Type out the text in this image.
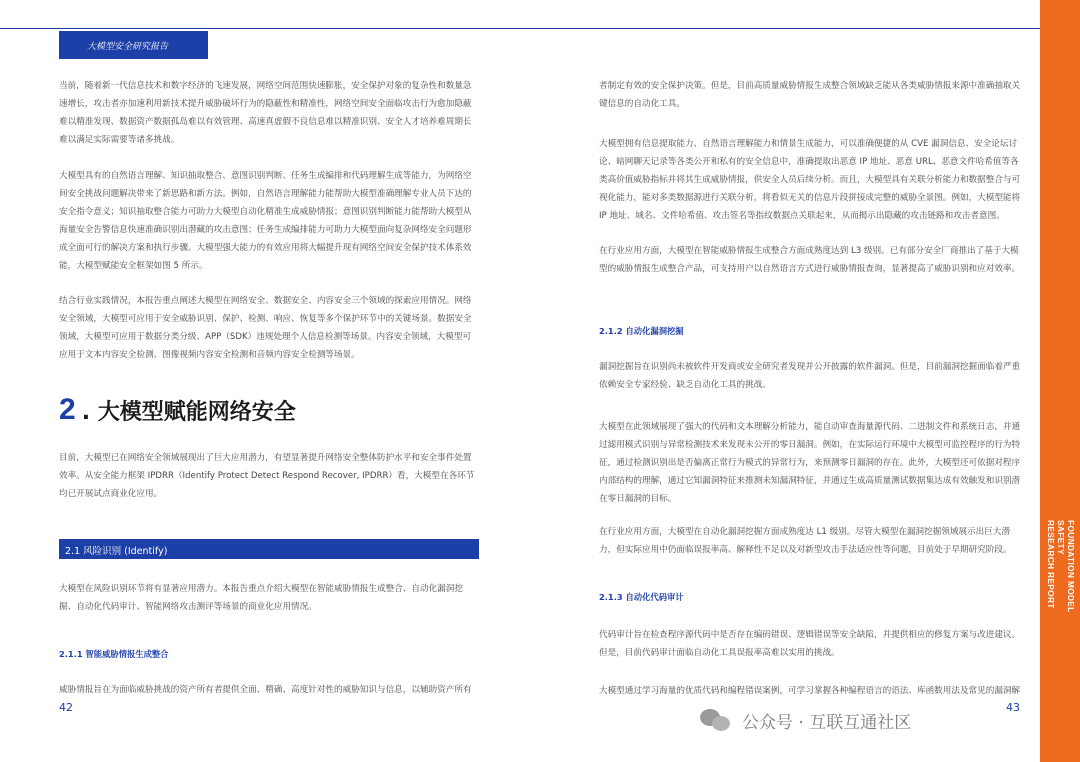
大模型安全研究报告

当前，随着新一代信息技术和数字经济的飞速发展，网络空间范围快速膨胀，安全保护对象的复杂性和数量急速增长，攻击者亦加速利用新技术提升威胁破坏行为的隐蔽性和精准性，网络空间安全面临攻击行为愈加隐蔽难以精准发现、数据资产数据孤岛难以有效管理、高速真虚假不良信息难以精准识别、安全人才培养难周期长难以满足实际需要等诸多挑战。

大模型具有的自然语言理解、知识抽取整合、意图识别判断、任务生成编排和代码理解生成等能力，为网络空间安全挑战问题解决带来了新思路和新方法。例如，自然语言理解能力能帮助大模型准确理解专业人员下达的安全指令意义；知识抽取整合能力可助力大模型自动化精准生成威胁情报；意图识别判断能力能帮助大模型从海量安全告警信息快速准确识别出潜藏的攻击意图；任务生成编排能力可助力大模型面向复杂网络安全问题形成全面可行的解决方案和执行步骤。大模型强大能力的有效应用将大幅提升现有网络空间安全保护技术体系效能，大模型赋能安全框架如图 5 所示。

结合行业实践情况，本报告重点阐述大模型在网络安全、数据安全、内容安全三个领域的探索应用情况。网络安全领域，大模型可应用于安全威胁识别、保护、检测、响应、恢复等多个保护环节中的关键场景。数据安全领域，大模型可应用于数据分类分级、APP（SDK）违规处理个人信息检测等场景。内容安全领域，大模型可应用于文本内容安全检测、图像视频内容安全检测和音频内容安全检测等场景。

2 . 大模型赋能网络安全

目前，大模型已在网络安全领域展现出了巨大应用潜力，有望显著提升网络安全整体防护水平和安全事件处置效率。从安全能力框架 IPDRR（Identify Protect Detect Respond Recover, IPDRR）看，大模型在各环节均已开展试点商业化应用。

2.1 风险识别 (Identify)

大模型在风险识别环节将有显著应用潜力。本报告重点介绍大模型在智能威胁情报生成整合、自动化漏洞挖掘、自动化代码审计、智能网络攻击测评等场景的商业化应用情况。

2.1.1 智能威胁情报生成整合

威胁情报旨在为面临威胁挑战的资产所有者提供全面、精确、高度针对性的威胁知识与信息，以辅助资产所有

42

者制定有效的安全保护决策。但是，目前高质量威胁情报生成整合领域缺乏能从各类威胁情报来源中准确抽取关键信息的自动化工具。

大模型拥有信息提取能力、自然语言理解能力和情景生成能力，可以准确便捷的从 CVE 漏洞信息、安全论坛讨论、暗网聊天记录等各类公开和私有的安全信息中，准确提取出恶意 IP 地址、恶意 URL、恶意文件哈希值等各类高价值威胁指标并将其生成威胁情报，供安全人员后续分析。而且，大模型具有关联分析能力和数据整合与可视化能力，能对多类数据源进行关联分析，将看似无关的信息片段拼接成完整的威胁全景图。例如，大模型能将 IP 地址、域名、文件哈希值、攻击签名等指纹数据点关联起来，从而揭示出隐藏的攻击链路和攻击者意图。

在行业应用方面，大模型在智能威胁情报生成整合方面成熟度达到 L3 级别。已有部分安全厂商推出了基于大模型的威胁情报生成整合产品，可支持用户以自然语言方式进行威胁情报查询，显著提高了威胁识别和应对效率。

2.1.2 自动化漏洞挖掘

漏洞挖掘旨在识别尚未被软件开发商或安全研究者发现并公开披露的软件漏洞。但是，目前漏洞挖掘面临着严重依赖安全专家经验、缺乏自动化工具的挑战。

大模型在此领域展现了强大的代码和文本理解分析能力，能自动审查海量源代码、二进制文件和系统日志，并通过滤用模式识别与异常检测技术来发现未公开的零日漏洞。例如，在实际运行环境中大模型可监控程序的行为特征，通过检测识别出是否偏离正常行为模式的异常行为，来预测零日漏洞的存在。此外，大模型还可依据对程序内部结构的理解，通过它知漏洞特征来推测未知漏洞特征，并通过生成高质量测试数据集达成有效触发和识别潜在零日漏洞的目标。

在行业应用方面，大模型在自动化漏洞挖掘方面成熟度达 L1 级别。尽管大模型在漏洞挖掘领域展示出巨大潜力，但实际应用中仍面临误报率高、解释性不足以及对新型攻击手法适应性等问题，目前处于早期研究阶段。

2.1.3 自动化代码审计

代码审计旨在检查程序源代码中是否存在编码错误、逻辑错误等安全缺陷，并提供相应的修复方案与改进建议。但是，目前代码审计面临自动化工具误报率高难以实用的挑战。

大模型通过学习海量的优质代码和编程错误案例，可学习掌握各种编程语言的语法、库函数用法及常见的漏洞解

43
FOUNDATION MODEL SAFETY
RESEARCH REPORT
公众号 · 互联互通社区
